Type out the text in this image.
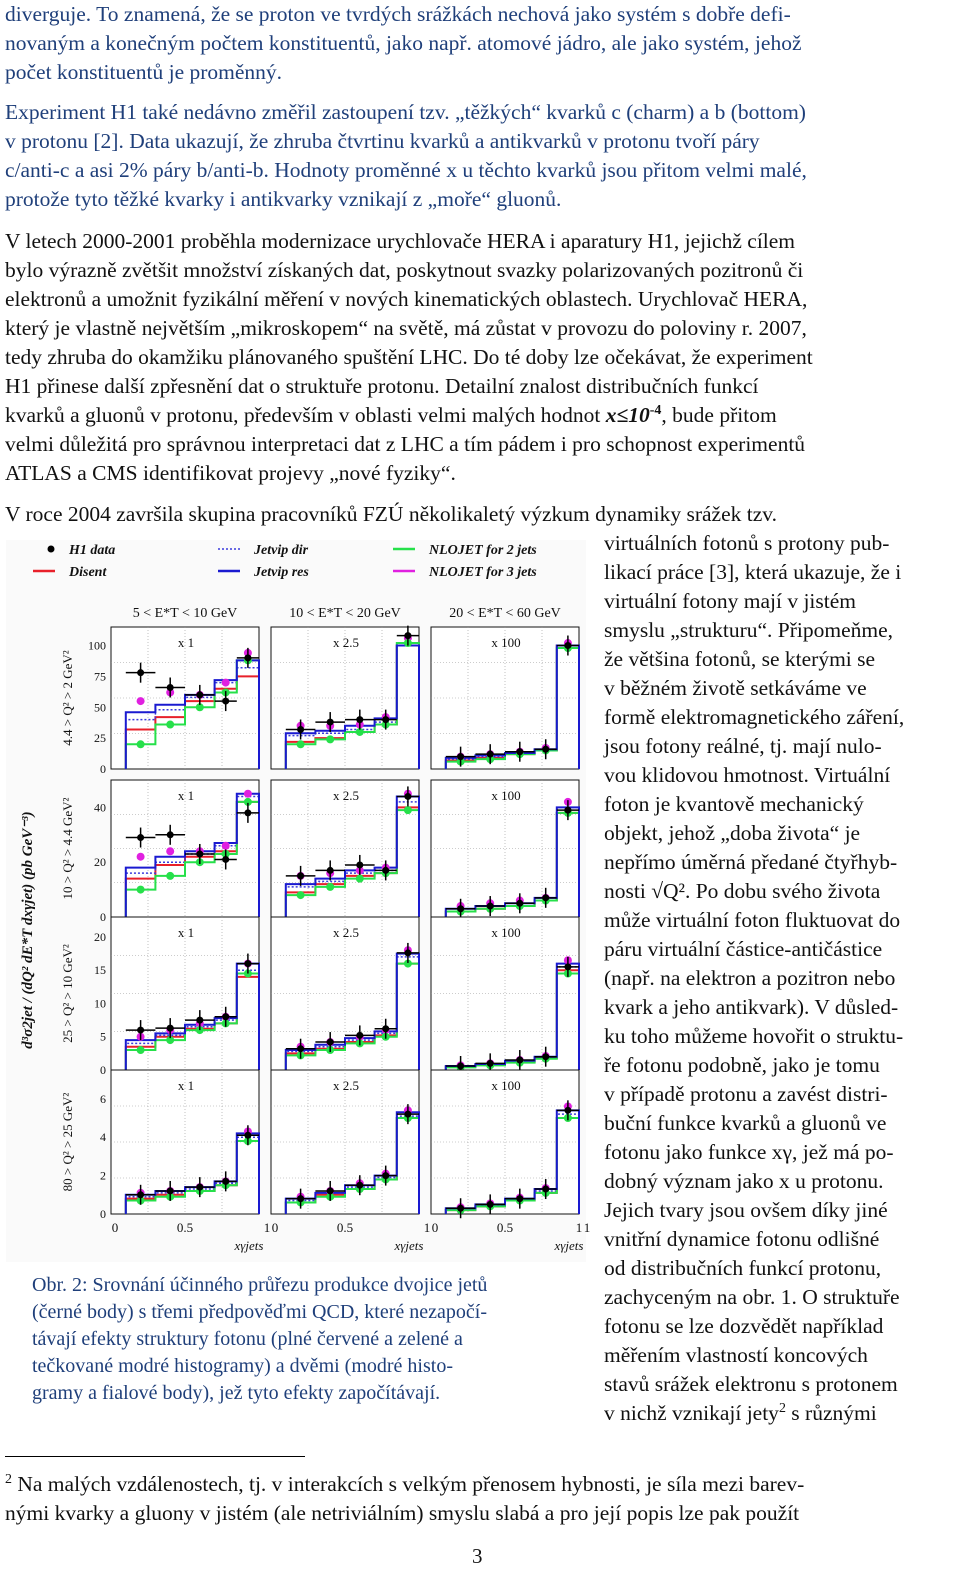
diverguje. To znamená, že se proton ve tvrdých srážkách nechová jako systém s dobře defi-
novaným a konečným počtem konstituentů, jako např. atomové jádro, ale jako systém, jehož
počet konstituentů je proměnný.
Experiment H1 také nedávno změřil zastoupení tzv. „těžkých“ kvarků c (charm) a b (bottom)
v protonu [2]. Data ukazují, že zhruba čtvrtinu kvarků a antikvarků v protonu tvoří páry
c/anti-c a asi 2% páry b/anti-b. Hodnoty proměnné x u těchto kvarků jsou přitom velmi malé,
protože tyto těžké kvarky i antikvarky vznikají z „moře“ gluonů.
V letech 2000-2001 proběhla modernizace urychlovače HERA i aparatury H1, jejichž cílem
bylo výrazně zvětšit množství získaných dat, poskytnout svazky polarizovaných pozitronů či
elektronů a umožnit fyzikální měření v nových kinematických oblastech. Urychlovač HERA,
který je vlastně největším „mikroskopem“ na světě, má zůstat v provozu do poloviny r. 2007,
tedy zhruba do okamžiku plánovaného spuštění LHC. Do té doby lze očekávat, že experiment
H1 přinese další zpřesnění dat o struktuře protonu. Detailní znalost distribučních funkcí
kvarků a gluonů v protonu, především v oblasti velmi malých hodnot $x\le 10^{-4}$, bude přitom
velmi důležitá pro správnou interpretaci dat z LHC a tím pádem i pro schopnost experimentů
ATLAS a CMS identifikovat projevy „nové fyziky“.
V roce 2004 završila skupina pracovníků FZÚ několikaletý výzkum dynamiky srážek tzv.
H1 data	Jetvip dir	NLOJET for 2 jets
Disent	Jetvip res	NLOJET for 3 jets
d³σ2jet / (dQ² dE*T dxγjet) (pb GeV⁻³)
5 < E*T < 10 GeV	10 < E*T < 20 GeV	20 < E*T < 60 GeV
4.4 > Q² > 2 GeV²
0
25
50
75
100	x 1	x 2.5	x 100
10 > Q² > 4.4 GeV²
0
20
40
x 1	x 2.5	x 100
25 > Q² > 10 GeV²
0
5
10
15
20	x 1	x 2.5	x 100
80 > Q² > 25 GeV²
0
2
4
6
x 1	x 2.5	x 100
0	0.5	1
xγjets
0	0.5	1
xγjets
0	0.5	1 1
xγjets
virtuálních fotonů s protony pub-
likací práce [3], která ukazuje, že i
virtuální fotony mají v jistém
smyslu „strukturu“. Připomeňme,
že většina fotonů, se kterými se
v běžném životě setkáváme ve
formě elektromagnetického záření,
jsou fotony reálné, tj. mají nulo-
vou klidovou hmotnost. Virtuální
foton je kvantově mechanický
objekt, jehož „doba života“ je
nepřímo úměrná předané čtyřhyb-
nosti √Q². Po dobu svého života
může virtuální foton fluktuovat do
páru virtuální částice-antičástice
(např. na elektron a pozitron nebo
kvark a jeho antikvark). V důsled-
ku toho můžeme hovořit o struktu-
ře fotonu podobně, jako je tomu
v případě protonu a zavést distri-
buční funkce kvarků a gluonů ve
fotonu jako funkce xγ, jež má po-
dobný význam jako x u protonu.
Jejich tvary jsou ovšem díky jiné
vnitřní dynamice fotonu odlišné
od distribučních funkcí protonu,
zachyceným na obr. 1. O struktuře
fotonu se lze dozvědět například
měřením vlastností koncových
stavů srážek elektronu s protonem
v nichž vznikají jety$^2$ s různými
Obr. 2: Srovnání účinného průřezu produkce dvojice jetů
(černé body) s třemi předpověďmi QCD, které nezapočí-
távají efekty struktury fotonu (plné červené a zelené a
tečkované modré histogramy) a dvěmi (modré histo-
gramy a fialové body), jež tyto efekty započítávají.
$^2$ Na malých vzdálenostech, tj. v interakcích s velkým přenosem hybnosti, je síla mezi barev-
nými kvarky a gluony v jistém (ale netriviálním) smyslu slabá a pro její popis lze pak použít
3
